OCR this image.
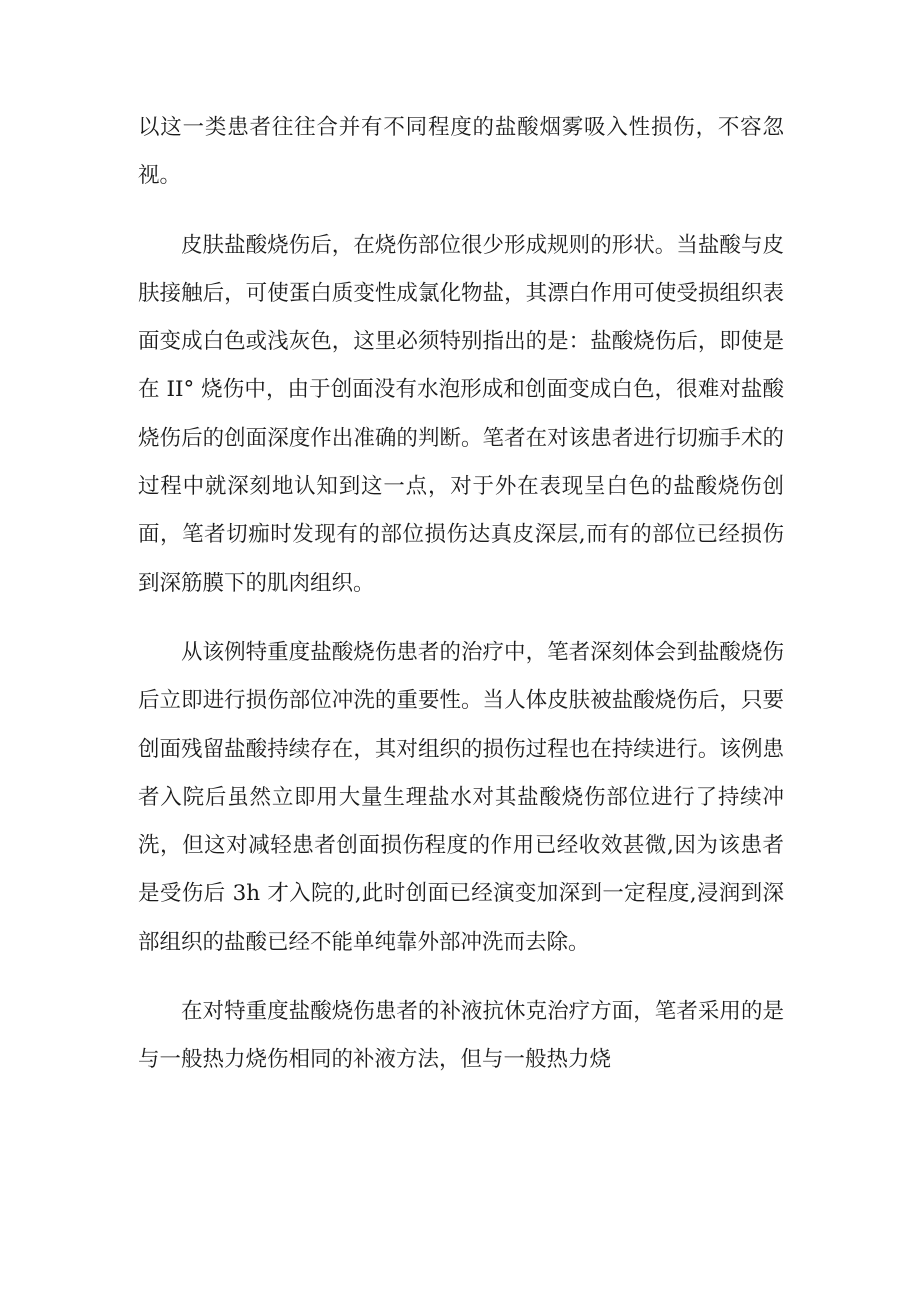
以这一类患者往往合并有不同程度的盐酸烟雾吸入性损伤，不容忽视。

皮肤盐酸烧伤后，在烧伤部位很少形成规则的形状。当盐酸与皮肤接触后，可使蛋白质变性成氯化物盐，其漂白作用可使受损组织表面变成白色或浅灰色，这里必须特别指出的是：盐酸烧伤后，即使是在 II° 烧伤中，由于创面没有水泡形成和创面变成白色，很难对盐酸烧伤后的创面深度作出准确的判断。笔者在对该患者进行切痂手术的过程中就深刻地认知到这一点，对于外在表现呈白色的盐酸烧伤创面，笔者切痂时发现有的部位损伤达真皮深层,而有的部位已经损伤到深筋膜下的肌肉组织。

从该例特重度盐酸烧伤患者的治疗中，笔者深刻体会到盐酸烧伤后立即进行损伤部位冲洗的重要性。当人体皮肤被盐酸烧伤后，只要创面残留盐酸持续存在，其对组织的损伤过程也在持续进行。该例患者入院后虽然立即用大量生理盐水对其盐酸烧伤部位进行了持续冲洗，但这对减轻患者创面损伤程度的作用已经收效甚微,因为该患者是受伤后 3h 才入院的,此时创面已经演变加深到一定程度,浸润到深部组织的盐酸已经不能单纯靠外部冲洗而去除。

在对特重度盐酸烧伤患者的补液抗休克治疗方面，笔者采用的是与一般热力烧伤相同的补液方法，但与一般热力烧
